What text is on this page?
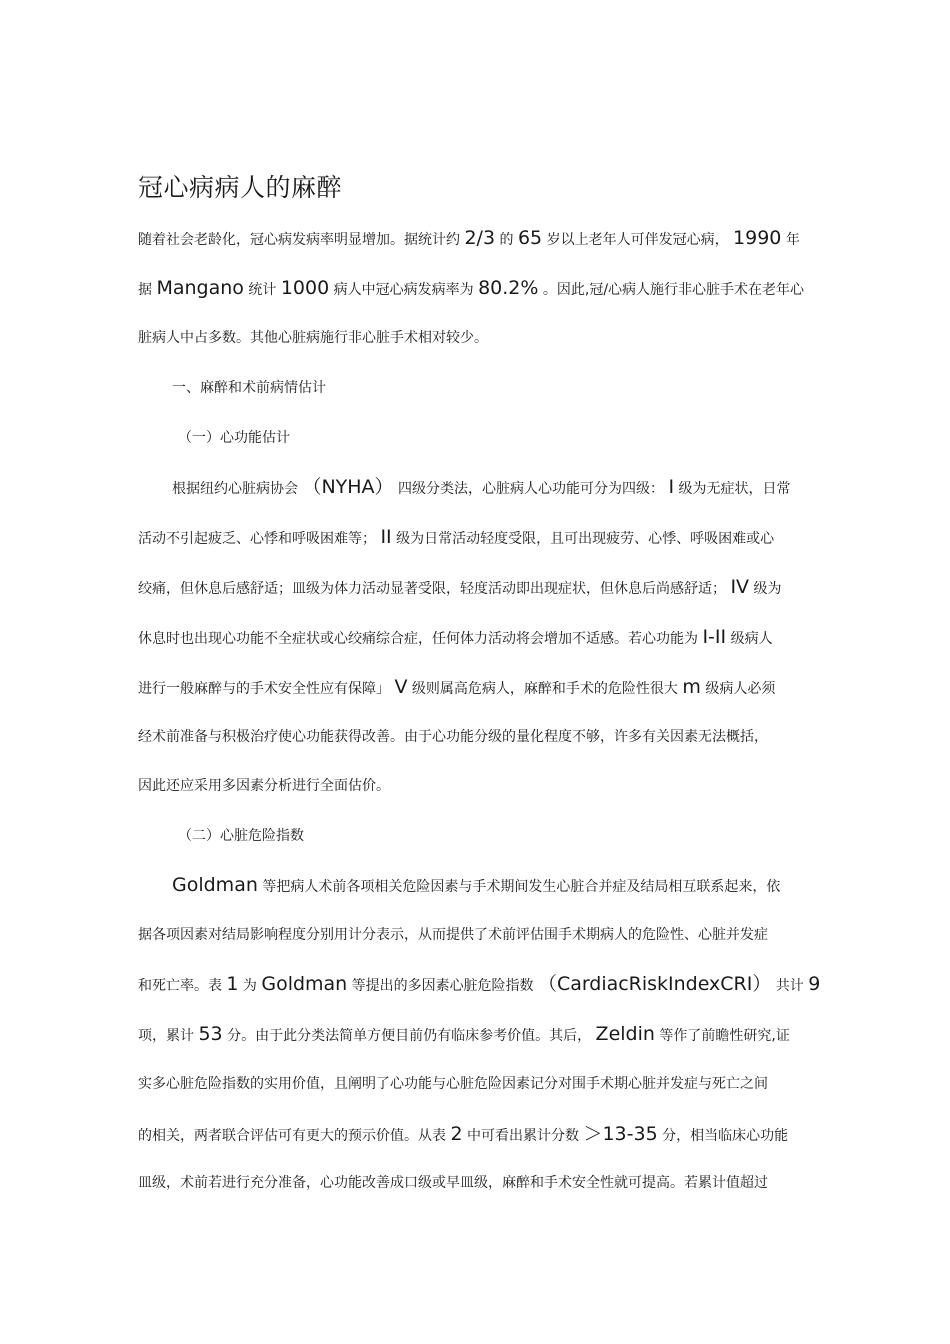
冠心病病人的麻醉
随着社会老龄化，冠心病发病率明显增加。据统计约 2/3 的 65 岁以上老年人可伴发冠心病， 1990 年
据 Mangano 统计 1000 病人中冠心病发病率为 80.2% 。因此,冠/心病人施行非心脏手术在老年心
脏病人中占多数。其他心脏病施行非心脏手术相对较少。
一、麻醉和术前病情估计
（一）心功能估计
根据纽约心脏病协会 （NYHA） 四级分类法，心脏病人心功能可分为四级： I 级为无症状，日常
活动不引起疲乏、心悸和呼吸困难等； II 级为日常活动轻度受限，且可出现疲劳、心悸、呼吸困难或心
绞痛，但休息后感舒适；皿级为体力活动显著受限，轻度活动即出现症状，但休息后尚感舒适； IV 级为
休息时也出现心功能不全症状或心绞痛综合症，任何体力活动将会增加不适感。若心功能为 I-II 级病人
进行一般麻醉与的手术安全性应有保障」 V 级则属高危病人，麻醉和手术的危险性很大 m 级病人必须
经术前准备与积极治疗使心功能获得改善。由于心功能分级的量化程度不够，许多有关因素无法概括，
因此还应采用多因素分析进行全面估价。
（二）心脏危险指数
Goldman 等把病人术前各项相关危险因素与手术期间发生心脏合并症及结局相互联系起来，依
据各项因素对结局影响程度分别用计分表示，从而提供了术前评估围手术期病人的危险性、心脏并发症
和死亡率。表 1 为 Goldman 等提出的多因素心脏危险指数 （CardiacRiskIndexCRI） 共计 9
项，累计 53 分。由于此分类法简单方便目前仍有临床参考价值。其后， Zeldin 等作了前瞻性研究,证
实多心脏危险指数的实用价值，且阐明了心功能与心脏危险因素记分对围手术期心脏并发症与死亡之间
的相关，两者联合评估可有更大的预示价值。从表 2 中可看出累计分数 ＞13-35 分，相当临床心功能
皿级，术前若进行充分准备，心功能改善成口级或早皿级，麻醉和手术安全性就可提高。若累计值超过
